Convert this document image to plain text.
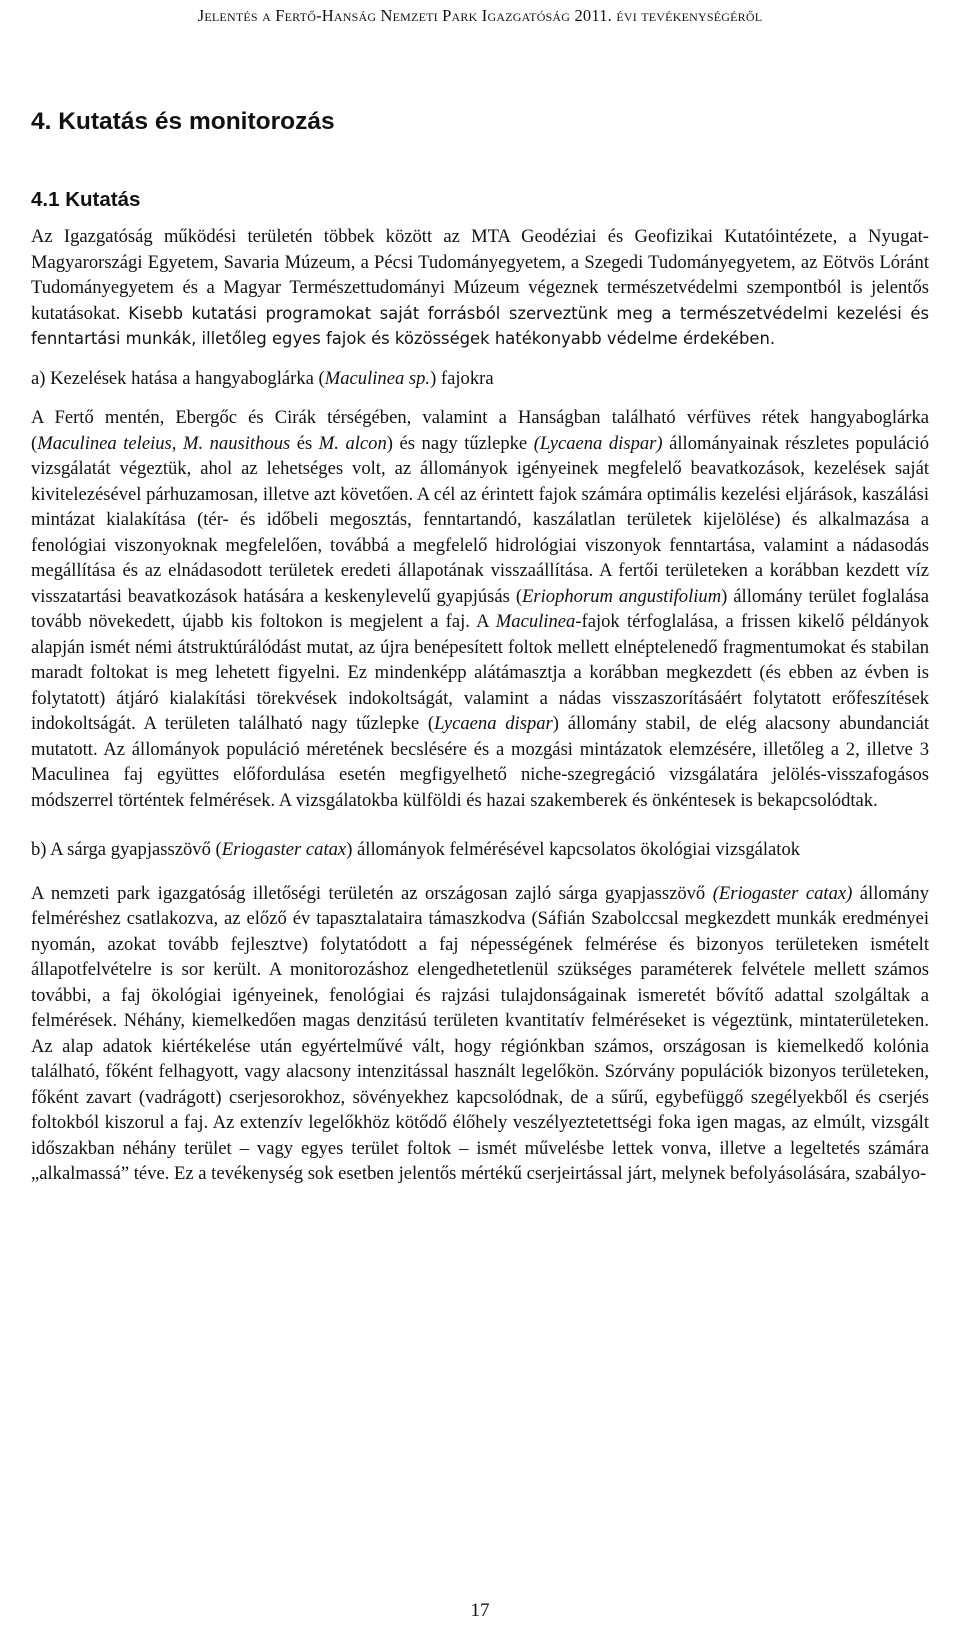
Jelentés a Fertő-Hanság Nemzeti Park Igazgatóság 2011. évi tevékenységéről
4. Kutatás és monitorozás
4.1 Kutatás

Az Igazgatóság működési területén többek között az MTA Geodéziai és Geofizikai Kutatóintézete, a Nyugat-Magyarországi Egyetem, Savaria Múzeum, a Pécsi Tudományegyetem, a Szegedi Tudományegyetem, az Eötvös Lóránt Tudományegyetem és a Magyar Természettudományi Múzeum végeznek természetvédelmi szempontból is jelentős kutatásokat. Kisebb kutatási programokat saját forrásból szerveztünk meg a természetvédelmi kezelési és fenntartási munkák, illetőleg egyes fajok és közösségek hatékonyabb védelme érdekében.

a) Kezelések hatása a hangyaboglárka (Maculinea sp.) fajokra

A Fertő mentén, Ebergőc és Cirák térségében, valamint a Hanságban található vérfüves rétek hangyaboglárka (Maculinea teleius, M. nausithous és M. alcon) és nagy tűzlepke (Lycaena dispar) állományainak részletes populáció vizsgálatát végeztük, ahol az lehetséges volt, az állományok igényeinek megfelelő beavatkozások, kezelések saját kivitelezésével párhuzamosan, illetve azt követően. A cél az érintett fajok számára optimális kezelési eljárások, kaszálási mintázat kialakítása (tér- és időbeli megosztás, fenntartandó, kaszálatlan területek kijelölése) és alkalmazása a fenológiai viszonyoknak megfelelően, továbbá a megfelelő hidrológiai viszonyok fenntartása, valamint a nádasodás megállítása és az elnádasodott területek eredeti állapotának visszaállítása. A fertői területeken a korábban kezdett víz visszatartási beavatkozások hatására a keskenylevelű gyapjúsás (Eriophorum angustifolium) állomány terület foglalása tovább növekedett, újabb kis foltokon is megjelent a faj. A Maculinea-fajok térfoglalása, a frissen kikelő példányok alapján ismét némi átstruktúrálódást mutat, az újra benépesített foltok mellett elnéptelenedő fragmentumokat és stabilan maradt foltokat is meg lehetett figyelni. Ez mindenképp alátámasztja a korábban megkezdett (és ebben az évben is folytatott) átjáró kialakítási törekvések indokoltságát, valamint a nádas visszaszorításáért folytatott erőfeszítések indokoltságát. A területen található nagy tűzlepke (Lycaena dispar) állomány stabil, de elég alacsony abundanciát mutatott. Az állományok populáció méretének becslésére és a mozgási mintázatok elemzésére, illetőleg a 2, illetve 3 Maculinea faj együttes előfordulása esetén megfigyelhető niche-szegregáció vizsgálatára jelölés-visszafogásos módszerrel történtek felmérések. A vizsgálatokba külföldi és hazai szakemberek és önkéntesek is bekapcsolódtak.

b) A sárga gyapjasszövő (Eriogaster catax) állományok felmérésével kapcsolatos ökológiai vizsgálatok

A nemzeti park igazgatóság illetőségi területén az országosan zajló sárga gyapjasszövő (Eriogaster catax) állomány felméréshez csatlakozva, az előző év tapasztalataira támaszkodva (Sáfián Szabolccsal megkezdett munkák eredményei nyomán, azokat tovább fejlesztve) folytatódott a faj népességének felmérése és bizonyos területeken ismételt állapotfelvételre is sor került. A monitorozáshoz elengedhetetlenül szükséges paraméterek felvétele mellett számos további, a faj ökológiai igényeinek, fenológiai és rajzási tulajdonságainak ismeretét bővítő adattal szolgáltak a felmérések. Néhány, kiemelkedően magas denzitású területen kvantitatív felméréseket is végeztünk, mintaterületeken. Az alap adatok kiértékelése után egyértelművé vált, hogy régiónkban számos, országosan is kiemelkedő kolónia található, főként felhagyott, vagy alacsony intenzitással használt legelőkön. Szórvány populációk bizonyos területeken, főként zavart (vadrágott) cserjesorokhoz, sövényekhez kapcsolódnak, de a sűrű, egybefüggő szegélyekből és cserjés foltokból kiszorul a faj. Az extenzív legelőkhöz kötődő élőhely veszélyeztetettségi foka igen magas, az elmúlt, vizsgált időszakban néhány terület – vagy egyes terület foltok – ismét művelésbe lettek vonva, illetve a legeltetés számára „alkalmassá” téve. Ez a tevékenység sok esetben jelentős mértékű cserjeirtással járt, melynek befolyásolására, szabályo-

17
